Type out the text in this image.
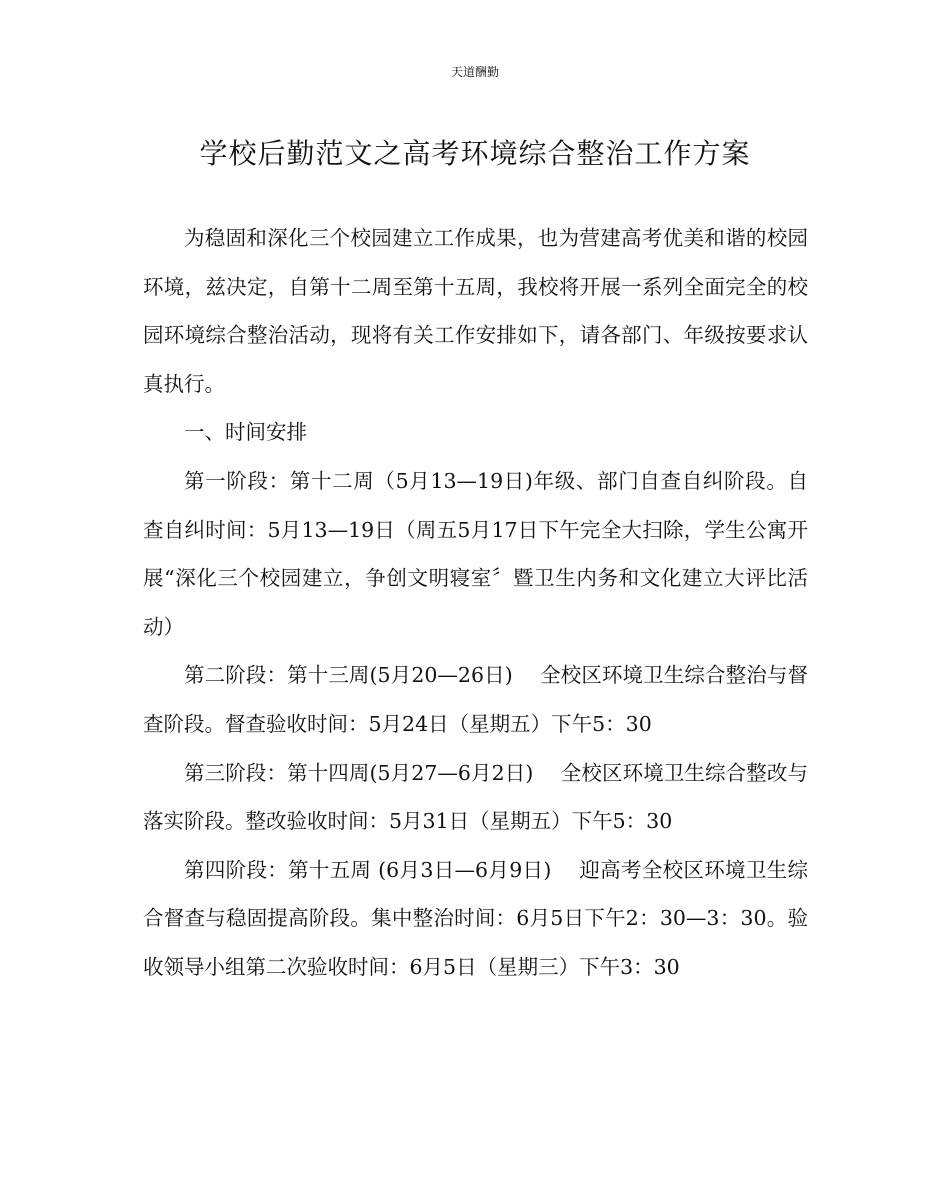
天道酬勤
学校后勤范文之高考环境综合整治工作方案

为稳固和深化三个校园建立工作成果，也为营建高考优美和谐的校园环境，兹决定，自第十二周至第十五周，我校将开展一系列全面完全的校园环境综合整治活动，现将有关工作安排如下，请各部门、年级按要求认真执行。

一、时间安排

第一阶段：第十二周（5月13—19日)年级、部门自查自纠阶段。自查自纠时间：5月13—19日（周五5月17日下午完全大扫除，学生公寓开展“深化三个校园建立，争创文明寝室〞暨卫生内务和文化建立大评比活动）

第二阶段：第十三周(5月20—26日)　 全校区环境卫生综合整治与督查阶段。督查验收时间：5月24日（星期五）下午5：30

第三阶段：第十四周(5月27—6月2日)　 全校区环境卫生综合整改与落实阶段。整改验收时间：5月31日（星期五）下午5：30

第四阶段：第十五周 (6月3日—6月9日)　 迎高考全校区环境卫生综合督查与稳固提高阶段。集中整治时间：6月5日下午2：30—3：30。验收领导小组第二次验收时间：6月5日（星期三）下午3：30
